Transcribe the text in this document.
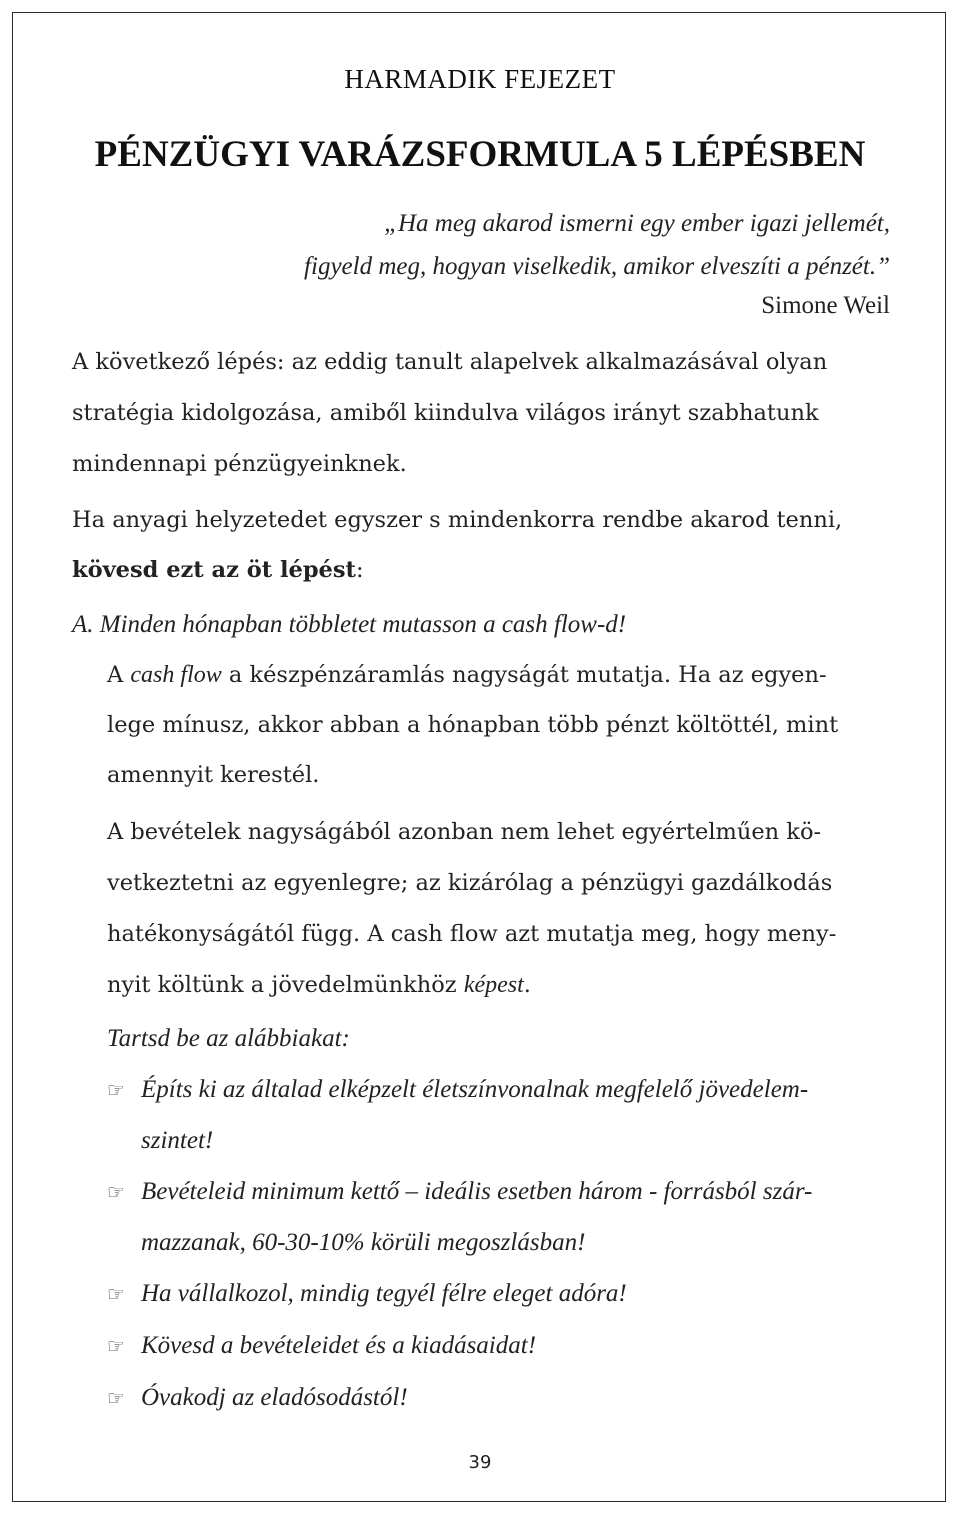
HARMADIK FEJEZET
PÉNZÜGYI VARÁZSFORMULA 5 LÉPÉSBEN
„Ha meg akarod ismerni egy ember igazi jellemét,
figyeld meg, hogyan viselkedik, amikor elveszíti a pénzét.”
Simone Weil
A következő lépés: az eddig tanult alapelvek alkalmazásával olyan
stratégia kidolgozása, amiből kiindulva világos irányt szabhatunk
mindennapi pénzügyeinknek.
Ha anyagi helyzetedet egyszer s mindenkorra rendbe akarod tenni,
kövesd ezt az öt lépést:
A. Minden hónapban többletet mutasson a cash flow-d!
A cash flow a készpénzáramlás nagyságát mutatja. Ha az egyen-
lege mínusz, akkor abban a hónapban több pénzt költöttél, mint
amennyit kerestél.
A bevételek nagyságából azonban nem lehet egyértelműen kö-
vetkeztetni az egyenlegre; az kizárólag a pénzügyi gazdálkodás
hatékonyságától függ. A cash flow azt mutatja meg, hogy meny-
nyit költünk a jövedelmünkhöz képest.
Tartsd be az alábbiakat:
☞ Építs ki az általad elképzelt életszínvonalnak megfelelő jövedelem-
szintet!
☞ Bevételeid minimum kettő – ideális esetben három - forrásból szár-
mazzanak, 60-30-10% körüli megoszlásban!
☞ Ha vállalkozol, mindig tegyél félre eleget adóra!
☞ Kövesd a bevételeidet és a kiadásaidat!
☞ Óvakodj az eladósodástól!
39
